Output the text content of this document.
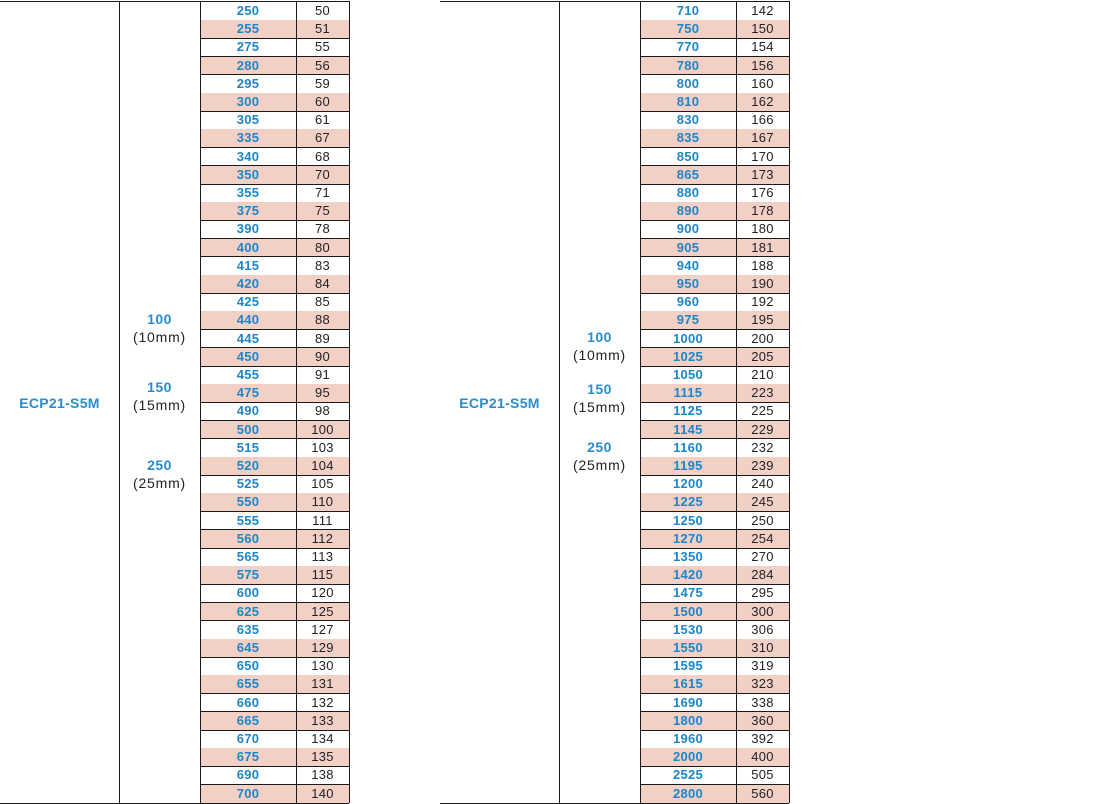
ECP21-S5M
100
(10mm)
150
(15mm)
250
(25mm)
250	50
255	51
275	55
280	56
295	59
300	60
305	61
335	67
340	68
350	70
355	71
375	75
390	78
400	80
415	83
420	84
425	85
440	88
445	89
450	90
455	91
475	95
490	98
500	100
515	103
520	104
525	105
550	110
555	111
560	112
565	113
575	115
600	120
625	125
635	127
645	129
650	130
655	131
660	132
665	133
670	134
675	135
690	138
700	140
ECP21-S5M
100
(10mm)
150
(15mm)
250
(25mm)
710	142
750	150
770	154
780	156
800	160
810	162
830	166
835	167
850	170
865	173
880	176
890	178
900	180
905	181
940	188
950	190
960	192
975	195
1000	200
1025	205
1050	210
1115	223
1125	225
1145	229
1160	232
1195	239
1200	240
1225	245
1250	250
1270	254
1350	270
1420	284
1475	295
1500	300
1530	306
1550	310
1595	319
1615	323
1690	338
1800	360
1960	392
2000	400
2525	505
2800	560
